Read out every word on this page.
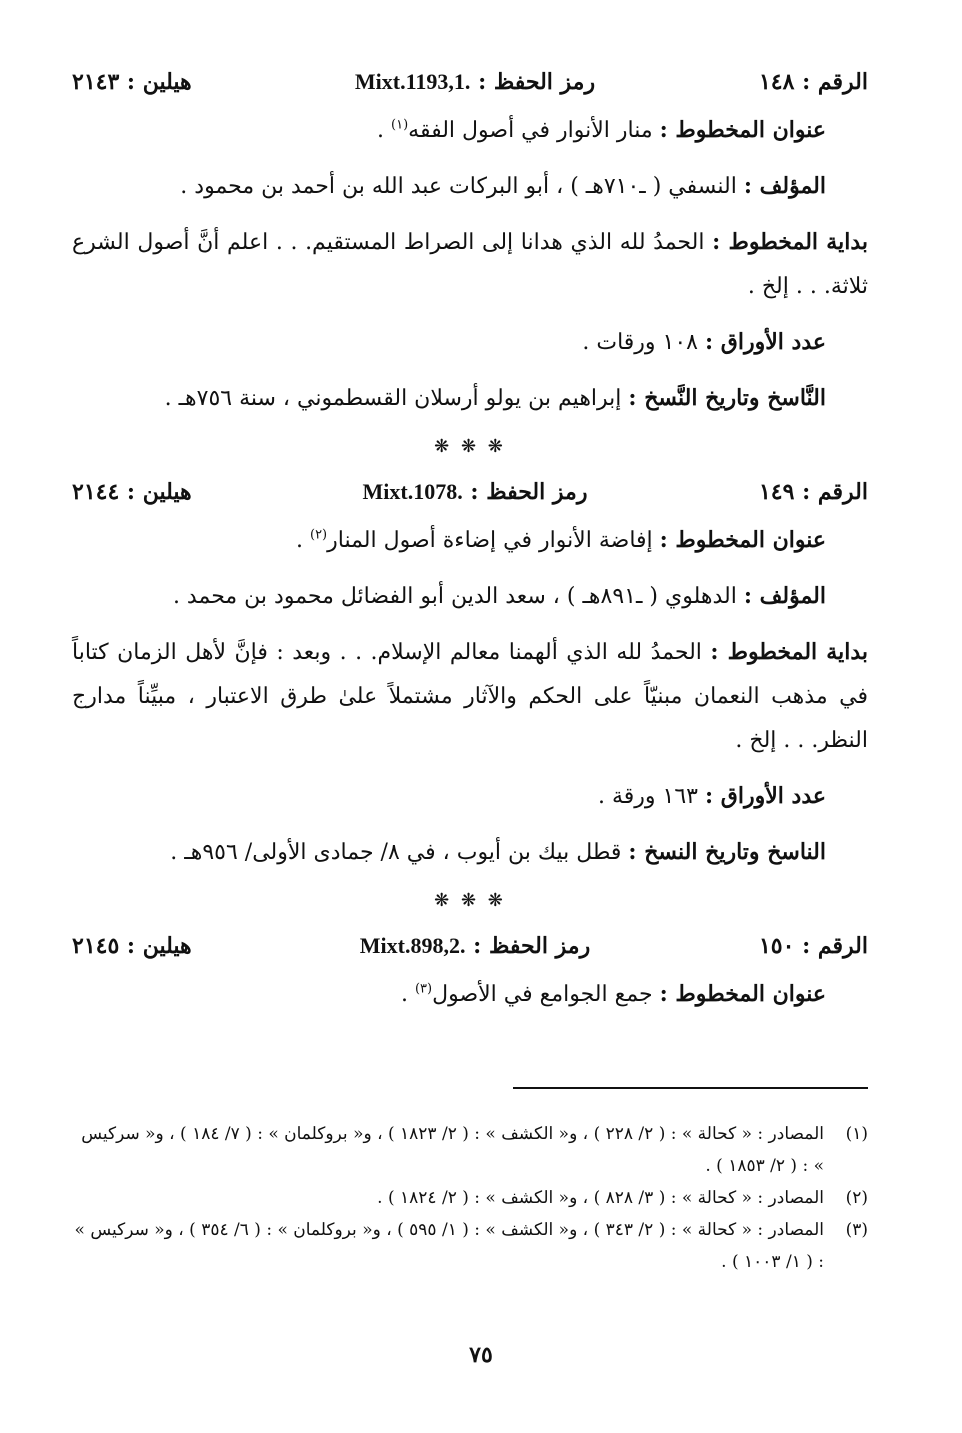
الرقم : ١٤٨
رمز الحفظ : Mixt.1193,1.
هيلين : ٢١٤٣
عنوان المخطوط : منار الأنوار في أصول الفقه$^{(١)}$ .
المؤلف : النسفي ( ـ٧١٠هـ ) ، أبو البركات عبد الله بن أحمد بن محمود .
بداية المخطوط : الحمدُ لله الذي هدانا إلى الصراط المستقيم. . . اعلم أنَّ أصول الشرع ثلاثة. . . إلخ .
عدد الأوراق : ١٠٨ ورقات .
النَّاسخ وتاريخ النَّسخ : إبراهيم بن يولو أرسلان القسطموني ، سنة ٧٥٦هـ .
❋ ❋ ❋
الرقم : ١٤٩
رمز الحفظ : Mixt.1078.
هيلين : ٢١٤٤
عنوان المخطوط : إفاضة الأنوار في إضاءة أصول المنار$^{(٢)}$ .
المؤلف : الدهلوي ( ـ٨٩١هـ ) ، سعد الدين أبو الفضائل محمود بن محمد .
بداية المخطوط : الحمدُ لله الذي ألهمنا معالم الإسلام. . . وبعد : فإنَّ لأهل الزمان كتاباً في مذهب النعمان مبنيّاً على الحكم والآثار مشتملاً علىٰ طرق الاعتبار ، مبيِّناً مدارج النظر. . . إلخ .
عدد الأوراق : ١٦٣ ورقة .
الناسخ وتاريخ النسخ : قطل بيك بن أيوب ، في ٨/ جمادى الأولى/ ٩٥٦هـ .
❋ ❋ ❋
الرقم : ١٥٠
رمز الحفظ : Mixt.898,2.
هيلين : ٢١٤٥
عنوان المخطوط : جمع الجوامع في الأصول$^{(٣)}$ .
(١)
المصادر : « كحالة » : ( ٢/ ٢٢٨ ) ، و« الكشف » : ( ٢/ ١٨٢٣ ) ، و« بروكلمان » : ( ٧/ ١٨٤ ) ، و« سركيس » : ( ٢/ ١٨٥٣ ) .
(٢)
المصادر : « كحالة » : ( ٣/ ٨٢٨ ) ، و« الكشف » : ( ٢/ ١٨٢٤ ) .
(٣)
المصادر : « كحالة » : ( ٢/ ٣٤٣ ) ، و« الكشف » : ( ١/ ٥٩٥ ) ، و« بروكلمان » : ( ٦/ ٣٥٤ ) ، و« سركيس » : ( ١/ ١٠٠٣ ) .
٧٥
